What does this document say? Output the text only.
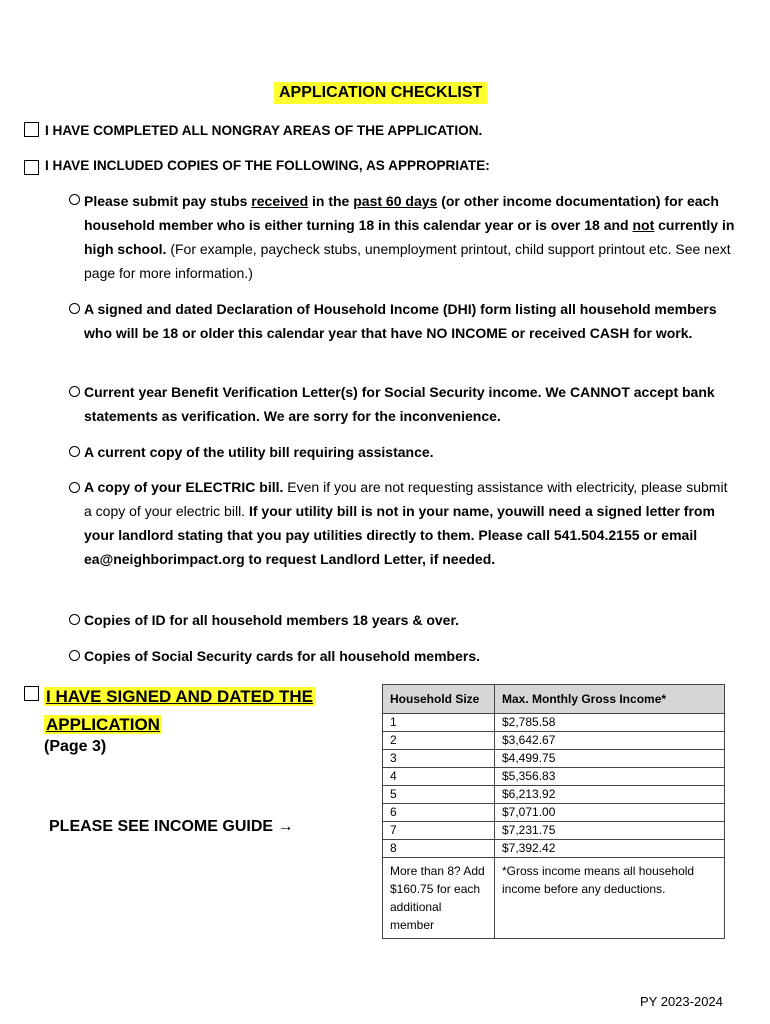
APPLICATION CHECKLIST
I HAVE COMPLETED ALL NONGRAY AREAS OF THE APPLICATION.
I HAVE INCLUDED COPIES OF THE FOLLOWING, AS APPROPRIATE:
Please submit pay stubs received in the past 60 days (or other income documentation) for each household member who is either turning 18 in this calendar year or is over 18 and not currently in high school. (For example, paycheck stubs, unemployment printout, child support printout etc. See next page for more information.)
A signed and dated Declaration of Household Income (DHI) form listing all household members who will be 18 or older this calendar year that have NO INCOME or received CASH for work.
Current year Benefit Verification Letter(s) for Social Security income. We CANNOT accept bank statements as verification. We are sorry for the inconvenience.
A current copy of the utility bill requiring assistance.
A copy of your ELECTRIC bill. Even if you are not requesting assistance with electricity, please submit a copy of your electric bill. If your utility bill is not in your name, youwill need a signed letter from your landlord stating that you pay utilities directly to them. Please call 541.504.2155 or email ea@neighborimpact.org to request Landlord Letter, if needed.
Copies of ID for all household members 18 years & over.
Copies of Social Security cards for all household members.
I HAVE SIGNED AND DATED THE
APPLICATION
(Page 3)
PLEASE SEE INCOME GUIDE →
Household Size	Max. Monthly Gross Income*
1	$2,785.58
2	$3,642.67
3	$4,499.75
4	$5,356.83
5	$6,213.92
6	$7,071.00
7	$7,231.75
8	$7,392.42
More than 8? Add $160.75 for each additional member	*Gross income means all household income before any deductions.
PY 2023-2024
